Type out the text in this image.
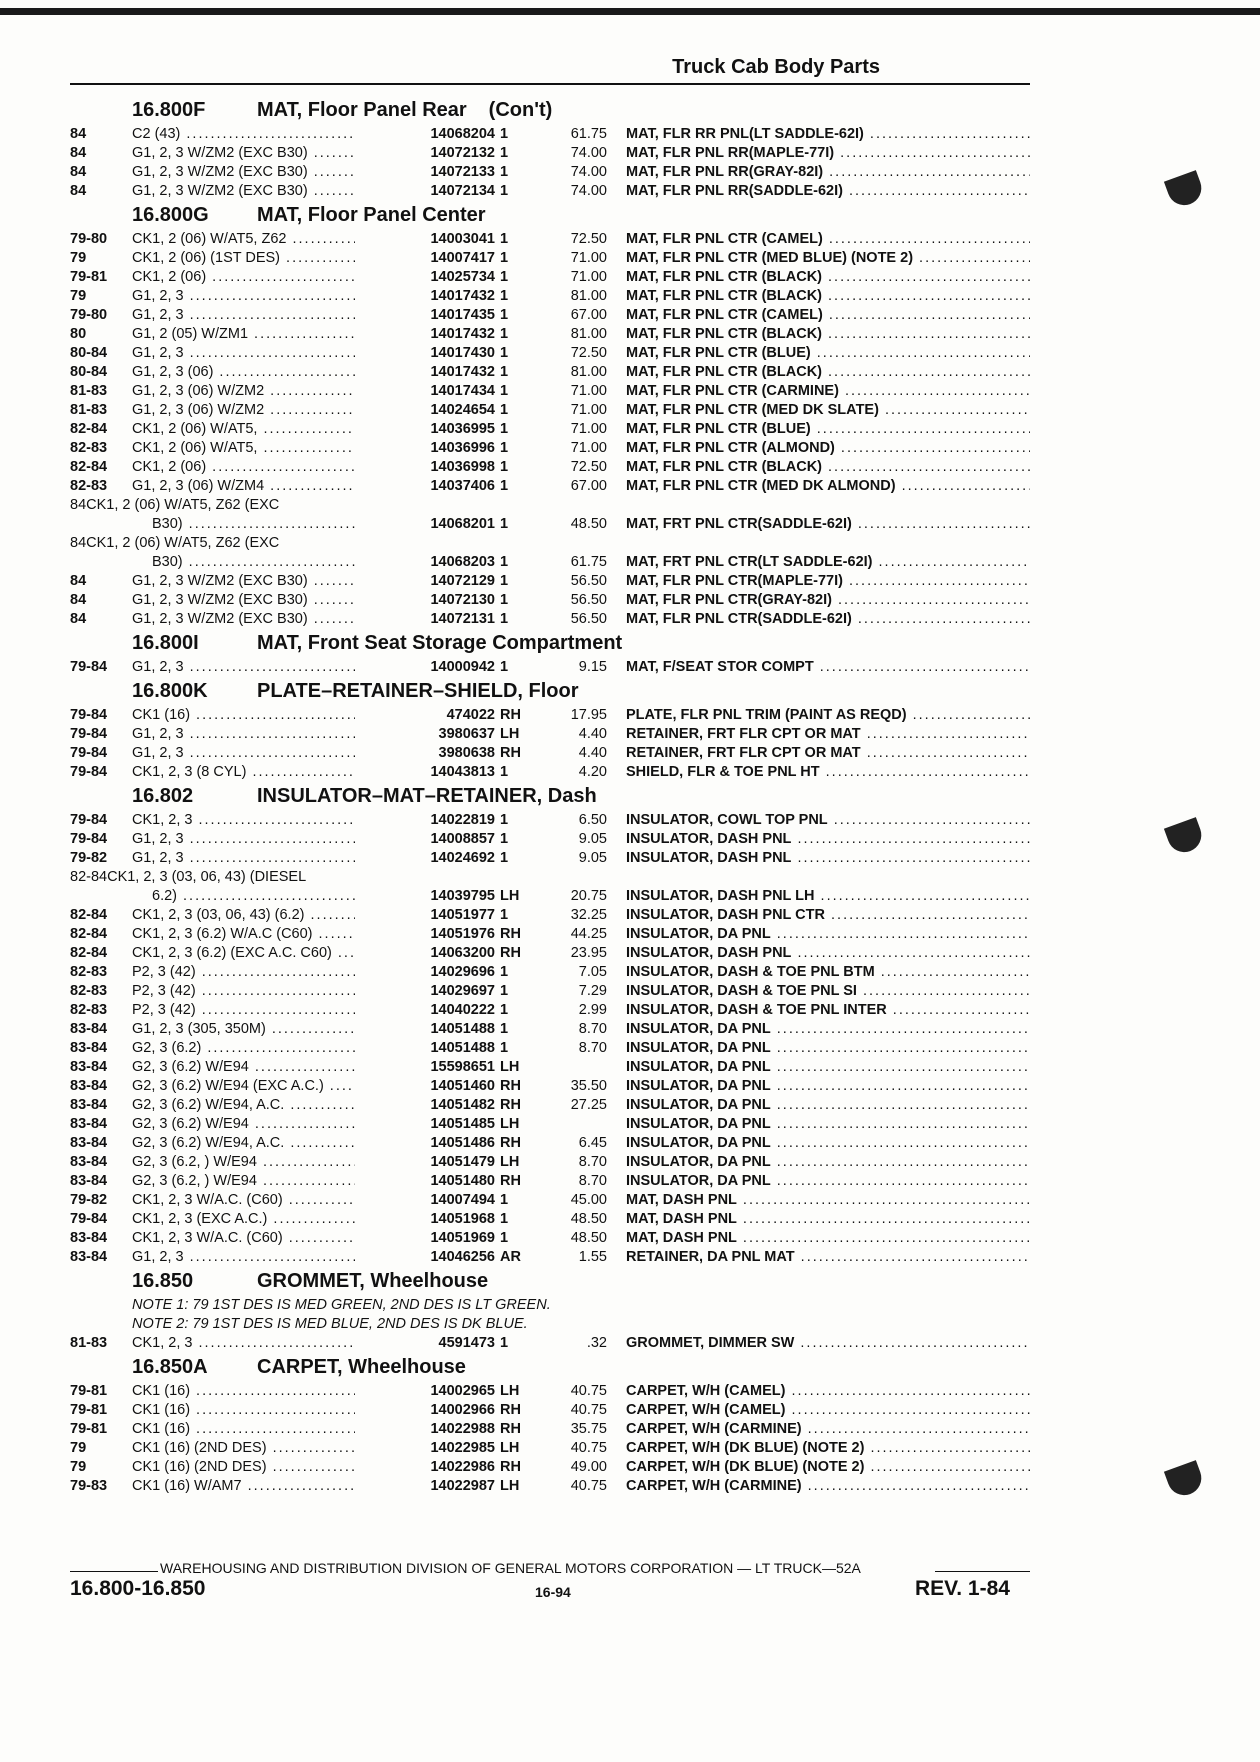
Truck Cab Body Parts
16.800F	MAT, Floor Panel Rear (Con't)
84	C2 (43) .....	14068204 1	61.75 MAT, FLR RR PNL(LT SADDLE-62I) .....
84	G1, 2, 3 W/ZM2 (EXC B30) .....	14072132 1	74.00 MAT, FLR PNL RR(MAPLE-77I) .....
84	G1, 2, 3 W/ZM2 (EXC B30) .....	14072133 1	74.00 MAT, FLR PNL RR(GRAY-82I) .....
84	G1, 2, 3 W/ZM2 (EXC B30) .....	14072134 1	74.00 MAT, FLR PNL RR(SADDLE-62I) .....
16.800G	MAT, Floor Panel Center
79-80	CK1, 2 (06) W/AT5, Z62 .....	14003041 1	72.50 MAT, FLR PNL CTR (CAMEL) .....
79	CK1, 2 (06) (1ST DES) .....	14007417 1	71.00 MAT, FLR PNL CTR (MED BLUE) (NOTE 2) .....
79-81	CK1, 2 (06) .....	14025734 1	71.00 MAT, FLR PNL CTR (BLACK) .....
79	G1, 2, 3 .....	14017432 1	81.00 MAT, FLR PNL CTR (BLACK) .....
79-80	G1, 2, 3 .....	14017435 1	67.00 MAT, FLR PNL CTR (CAMEL) .....
80	G1, 2 (05) W/ZM1 .....	14017432 1	81.00 MAT, FLR PNL CTR (BLACK) .....
80-84	G1, 2, 3 .....	14017430 1	72.50 MAT, FLR PNL CTR (BLUE) .....
80-84	G1, 2, 3 (06) .....	14017432 1	81.00 MAT, FLR PNL CTR (BLACK) .....
81-83	G1, 2, 3 (06) W/ZM2 .....	14017434 1	71.00 MAT, FLR PNL CTR (CARMINE) .....
81-83	G1, 2, 3 (06) W/ZM2 .....	14024654 1	71.00 MAT, FLR PNL CTR (MED DK SLATE) .....
82-84	CK1, 2 (06) W/AT5, .....	14036995 1	71.00 MAT, FLR PNL CTR (BLUE) .....
82-83	CK1, 2 (06) W/AT5, .....	14036996 1	71.00 MAT, FLR PNL CTR (ALMOND) .....
82-84	CK1, 2 (06) .....	14036998 1	72.50 MAT, FLR PNL CTR (BLACK) .....
82-83	G1, 2, 3 (06) W/ZM4 .....	14037406 1	67.00 MAT, FLR PNL CTR (MED DK ALMOND) .....
84CK1, 2 (06) W/AT5, Z62 (EXC
B30) .....	14068201 1	48.50 MAT, FRT PNL CTR(SADDLE-62I) .....
84CK1, 2 (06) W/AT5, Z62 (EXC
B30) .....	14068203 1	61.75 MAT, FRT PNL CTR(LT SADDLE-62I) .....
84	G1, 2, 3 W/ZM2 (EXC B30) .....	14072129 1	56.50 MAT, FLR PNL CTR(MAPLE-77I) .....
84	G1, 2, 3 W/ZM2 (EXC B30) .....	14072130 1	56.50 MAT, FLR PNL CTR(GRAY-82I) .....
84	G1, 2, 3 W/ZM2 (EXC B30) .....	14072131 1	56.50 MAT, FLR PNL CTR(SADDLE-62I) .....
16.800I	MAT, Front Seat Storage Compartment
79-84	G1, 2, 3 .....	14000942 1	9.15 MAT, F/SEAT STOR COMPT .....
16.800K	PLATE–RETAINER–SHIELD, Floor
79-84	CK1 (16) .....	474022 RH	17.95 PLATE, FLR PNL TRIM (PAINT AS REQD) .....
79-84	G1, 2, 3 .....	3980637 LH	4.40 RETAINER, FRT FLR CPT OR MAT .....
79-84	G1, 2, 3 .....	3980638 RH	4.40 RETAINER, FRT FLR CPT OR MAT .....
79-84	CK1, 2, 3 (8 CYL) .....	14043813 1	4.20 SHIELD, FLR & TOE PNL HT .....
16.802	INSULATOR–MAT–RETAINER, Dash
79-84	CK1, 2, 3 .....	14022819 1	6.50 INSULATOR, COWL TOP PNL .....
79-84	G1, 2, 3 .....	14008857 1	9.05 INSULATOR, DASH PNL .....
79-82	G1, 2, 3 .....	14024692 1	9.05 INSULATOR, DASH PNL .....
82-84CK1, 2, 3 (03, 06, 43) (DIESEL
6.2) .....	14039795 LH	20.75 INSULATOR, DASH PNL LH .....
82-84	CK1, 2, 3 (03, 06, 43) (6.2) .....	14051977 1	32.25 INSULATOR, DASH PNL CTR .....
82-84	CK1, 2, 3 (6.2) W/A.C (C60) .....	14051976 RH	44.25 INSULATOR, DA PNL .....
82-84	CK1, 2, 3 (6.2) (EXC A.C. C60) .....	14063200 RH	23.95 INSULATOR, DASH PNL .....
82-83	P2, 3 (42) .....	14029696 1	7.05 INSULATOR, DASH & TOE PNL BTM .....
82-83	P2, 3 (42) .....	14029697 1	7.29 INSULATOR, DASH & TOE PNL SI .....
82-83	P2, 3 (42) .....	14040222 1	2.99 INSULATOR, DASH & TOE PNL INTER .....
83-84	G1, 2, 3 (305, 350M) .....	14051488 1	8.70 INSULATOR, DA PNL .....
83-84	G2, 3 (6.2) .....	14051488 1	8.70 INSULATOR, DA PNL .....
83-84	G2, 3 (6.2) W/E94 .....	15598651 LH	INSULATOR, DA PNL .....
83-84	G2, 3 (6.2) W/E94 (EXC A.C.) .....	14051460 RH	35.50 INSULATOR, DA PNL .....
83-84	G2, 3 (6.2) W/E94, A.C. .....	14051482 RH	27.25 INSULATOR, DA PNL .....
83-84	G2, 3 (6.2) W/E94 .....	14051485 LH	INSULATOR, DA PNL .....
83-84	G2, 3 (6.2) W/E94, A.C. .....	14051486 RH	6.45 INSULATOR, DA PNL .....
83-84	G2, 3 (6.2, ) W/E94 .....	14051479 LH	8.70 INSULATOR, DA PNL .....
83-84	G2, 3 (6.2, ) W/E94 .....	14051480 RH	8.70 INSULATOR, DA PNL .....
79-82	CK1, 2, 3 W/A.C. (C60) .....	14007494 1	45.00 MAT, DASH PNL .....
79-84	CK1, 2, 3 (EXC A.C.) .....	14051968 1	48.50 MAT, DASH PNL .....
83-84	CK1, 2, 3 W/A.C. (C60) .....	14051969 1	48.50 MAT, DASH PNL .....
83-84	G1, 2, 3 .....	14046256 AR	1.55 RETAINER, DA PNL MAT .....
16.850	GROMMET, Wheelhouse
NOTE 1: 79 1ST DES IS MED GREEN, 2ND DES IS LT GREEN.
NOTE 2: 79 1ST DES IS MED BLUE, 2ND DES IS DK BLUE.
81-83	CK1, 2, 3 .....	4591473 1	.32 GROMMET, DIMMER SW .....
16.850A	CARPET, Wheelhouse
79-81	CK1 (16) .....	14002965 LH	40.75 CARPET, W/H (CAMEL) .....
79-81	CK1 (16) .....	14002966 RH	40.75 CARPET, W/H (CAMEL) .....
79-81	CK1 (16) .....	14022988 RH	35.75 CARPET, W/H (CARMINE) .....
79	CK1 (16) (2ND DES) .....	14022985 LH	40.75 CARPET, W/H (DK BLUE) (NOTE 2) .....
79	CK1 (16) (2ND DES) .....	14022986 RH	49.00 CARPET, W/H (DK BLUE) (NOTE 2) .....
79-83	CK1 (16) W/AM7 .....	14022987 LH	40.75 CARPET, W/H (CARMINE) .....
WAREHOUSING AND DISTRIBUTION DIVISION OF GENERAL MOTORS CORPORATION — LT TRUCK—52A
16.800-16.850	16-94	REV. 1-84
